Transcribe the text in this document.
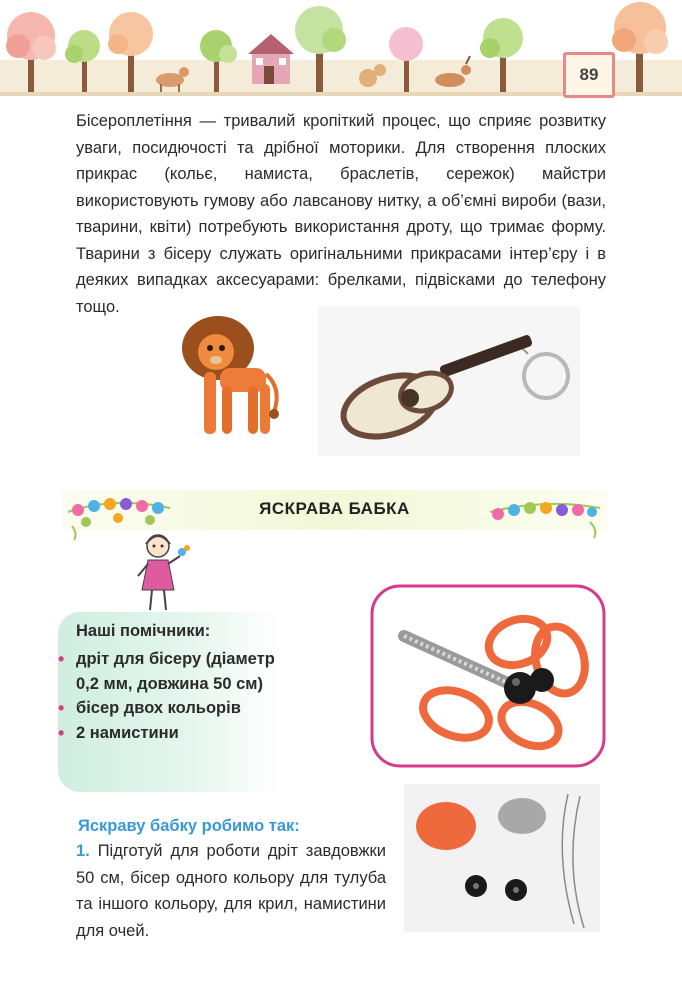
89

Бісероплетіння — тривалий кропіткий процес, що сприяє розвитку уваги, посидючості та дрібної моторики. Для створення плоских прикрас (кольє, намиста, браслетів, сережок) майстри використовують гумову або лавсанову нитку, а об’ємні вироби (вази, тварини, квіти) потребують використання дроту, що тримає форму. Тварини з бісеру служать оригінальними прикрасами інтер’єру і в деяких випадках аксесуарами: брелками, підвісками до телефону тощо.

ЯСКРАВА БАБКА

Наші помічники:

• дріт для бісеру (діаметр 0,2 мм, довжина 50 см)
• бісер двох кольорів
• 2 намистини

Яскраву бабку робимо так:

1. Підготуй для роботи дріт завдовжки 50 см, бісер одного кольору для тулуба та іншого кольору, для крил, намистини для очей.
